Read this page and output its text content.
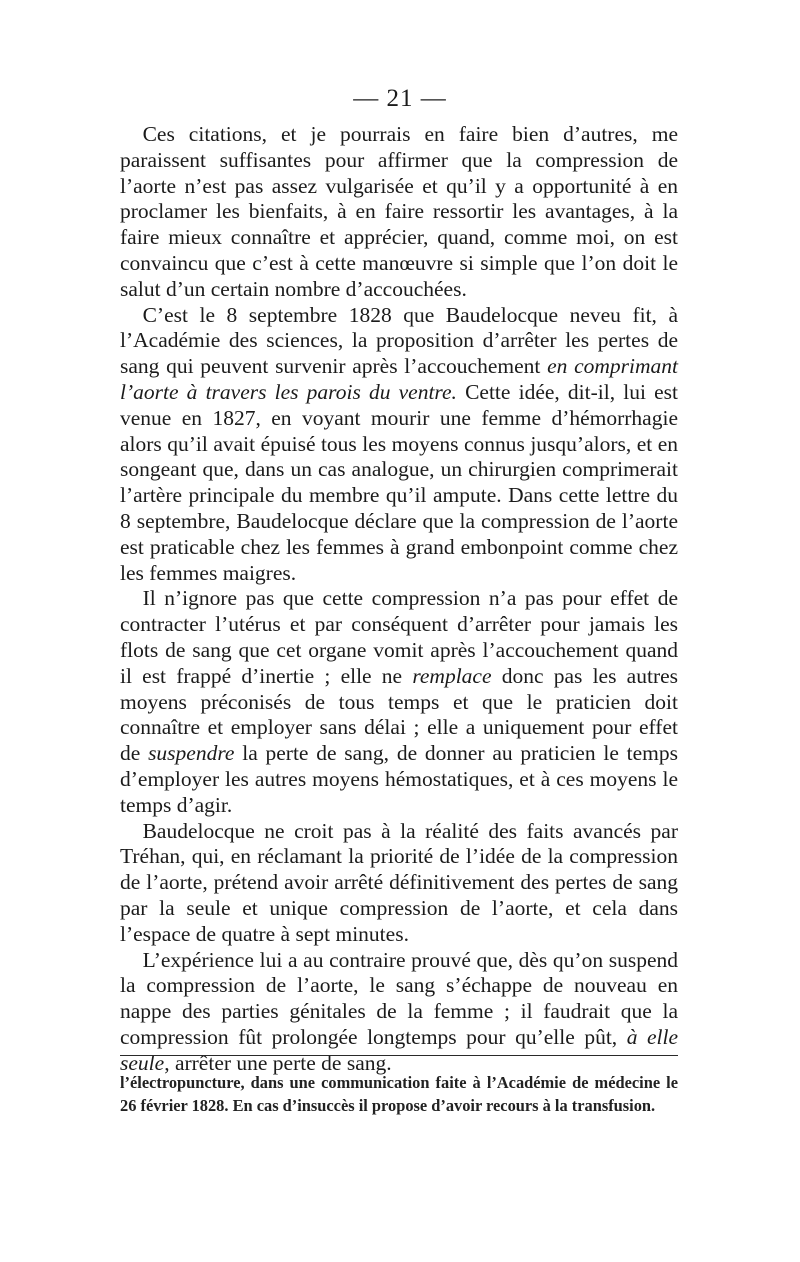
— 21 —

Ces citations, et je pourrais en faire bien d’autres, me paraissent suffisantes pour affirmer que la compression de l’aorte n’est pas assez vulgarisée et qu’il y a opportunité à en proclamer les bienfaits, à en faire ressortir les avantages, à la faire mieux connaître et apprécier, quand, comme moi, on est convaincu que c’est à cette manœuvre si simple que l’on doit le salut d’un certain nombre d’accouchées.

C’est le 8 septembre 1828 que Baudelocque neveu fit, à l’Académie des sciences, la proposition d’arrêter les pertes de sang qui peuvent survenir après l’accouchement en comprimant l’aorte à travers les parois du ventre. Cette idée, dit-il, lui est venue en 1827, en voyant mourir une femme d’hémorrhagie alors qu’il avait épuisé tous les moyens connus jusqu’alors, et en songeant que, dans un cas analogue, un chirurgien comprimerait l’artère principale du membre qu’il ampute. Dans cette lettre du 8 septembre, Baudelocque déclare que la compression de l’aorte est praticable chez les femmes à grand embonpoint comme chez les femmes maigres.

Il n’ignore pas que cette compression n’a pas pour effet de contracter l’utérus et par conséquent d’arrêter pour jamais les flots de sang que cet organe vomit après l’accouchement quand il est frappé d’inertie ; elle ne remplace donc pas les autres moyens préconisés de tous temps et que le praticien doit connaître et employer sans délai ; elle a uniquement pour effet de suspendre la perte de sang, de donner au praticien le temps d’employer les autres moyens hémostatiques, et à ces moyens le temps d’agir.

Baudelocque ne croit pas à la réalité des faits avancés par Tréhan, qui, en réclamant la priorité de l’idée de la compression de l’aorte, prétend avoir arrêté définitivement des pertes de sang par la seule et unique compression de l’aorte, et cela dans l’espace de quatre à sept minutes.

L’expérience lui a au contraire prouvé que, dès qu’on suspend la compression de l’aorte, le sang s’échappe de nouveau en nappe des parties génitales de la femme ; il faudrait que la compression fût prolongée longtemps pour qu’elle pût, à elle seule, arrêter une perte de sang.

l’électropuncture, dans une communication faite à l’Académie de médecine le 26 février 1828. En cas d’insuccès il propose d’avoir recours à la transfusion.
